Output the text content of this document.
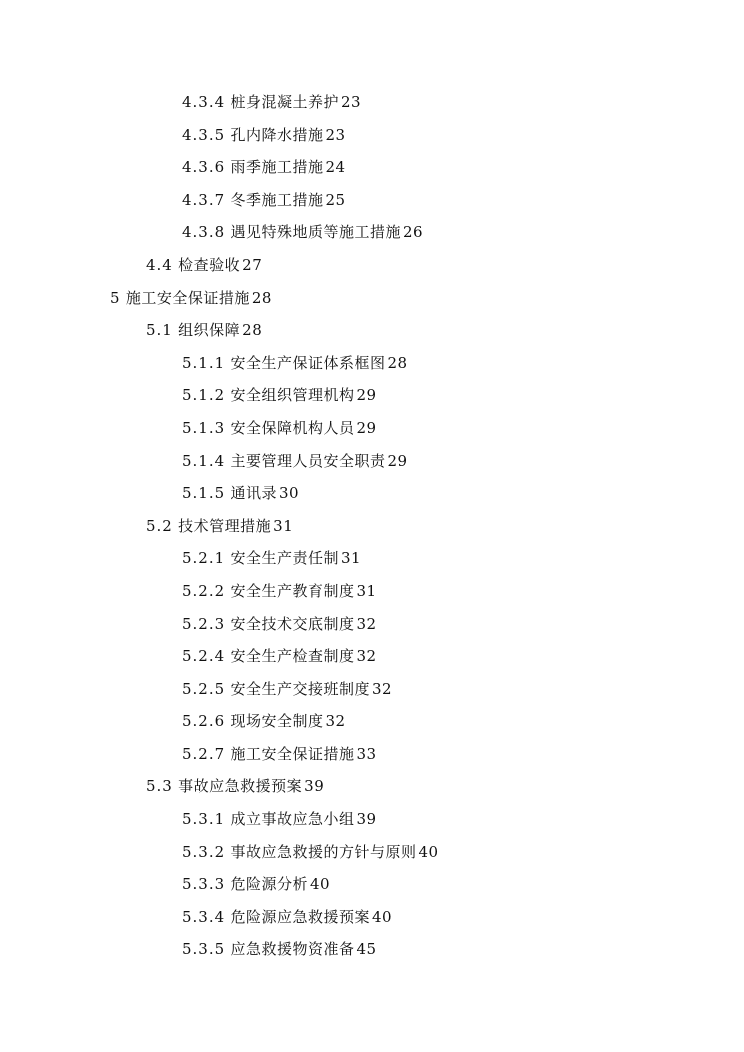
4.3.4 桩身混凝土养护 23
4.3.5 孔内降水措施 23
4.3.6 雨季施工措施 24
4.3.7 冬季施工措施 25
4.3.8 遇见特殊地质等施工措施 26
4.4 检查验收 27
5 施工安全保证措施 28
5.1 组织保障 28
5.1.1 安全生产保证体系框图 28
5.1.2 安全组织管理机构 29
5.1.3 安全保障机构人员 29
5.1.4 主要管理人员安全职责 29
5.1.5 通讯录 30
5.2 技术管理措施 31
5.2.1 安全生产责任制 31
5.2.2 安全生产教育制度 31
5.2.3 安全技术交底制度 32
5.2.4 安全生产检查制度 32
5.2.5 安全生产交接班制度 32
5.2.6 现场安全制度 32
5.2.7 施工安全保证措施 33
5.3 事故应急救援预案 39
5.3.1 成立事故应急小组 39
5.3.2 事故应急救援的方针与原则 40
5.3.3 危险源分析 40
5.3.4 危险源应急救援预案 40
5.3.5 应急救援物资准备 45
